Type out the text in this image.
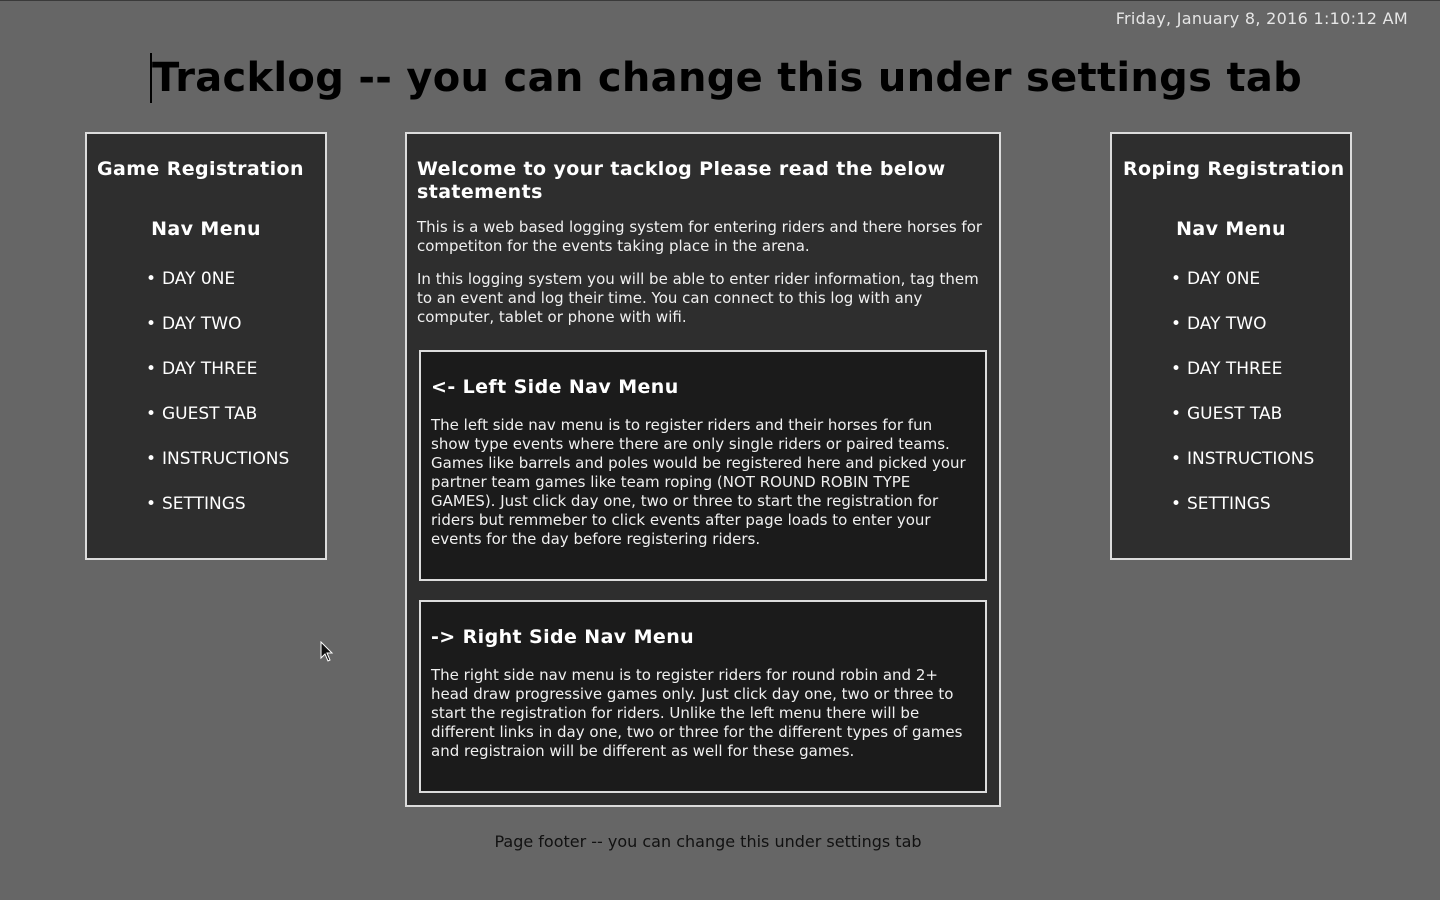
Friday, January 8, 2016 1:10:12 AM
Tracklog -- you can change this under settings tab
Game Registration
Nav Menu
• DAY 0NE
• DAY TWO
• DAY THREE
• GUEST TAB
• INSTRUCTIONS
• SETTINGS
Welcome to your tacklog Please read the below statements

This is a web based logging system for entering riders and there horses for competiton for the events taking place in the arena.

In this logging system you will be able to enter rider information, tag them to an event and log their time. You can connect to this log with any computer, tablet or phone with wifi.

<- Left Side Nav Menu

The left side nav menu is to register riders and their horses for fun show type events where there are only single riders or paired teams. Games like barrels and poles would be registered here and picked your partner team games like team roping (NOT ROUND ROBIN TYPE GAMES). Just click day one, two or three to start the registration for riders but remmeber to click events after page loads to enter your events for the day before registering riders.

-> Right Side Nav Menu

The right side nav menu is to register riders for round robin and 2+ head draw progressive games only. Just click day one, two or three to start the registration for riders. Unlike the left menu there will be different links in day one, two or three for the different types of games and registraion will be different as well for these games.

Roping Registration
Nav Menu
• DAY 0NE
• DAY TWO
• DAY THREE
• GUEST TAB
• INSTRUCTIONS
• SETTINGS
Page footer -- you can change this under settings tab
